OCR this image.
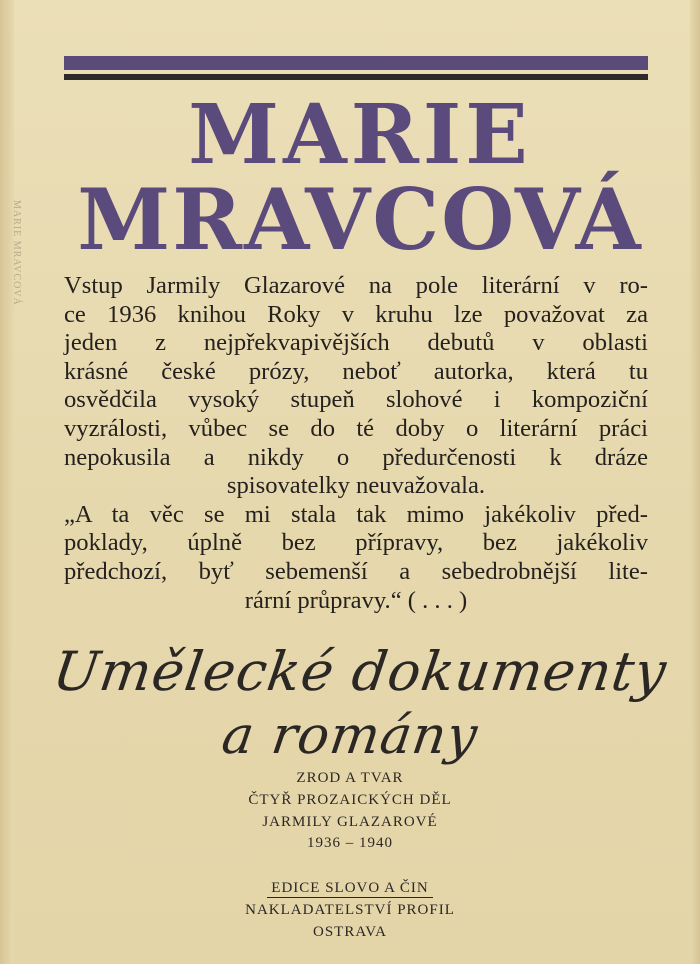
MARIE MRAVCOVÁ
MARIE
MRAVCOVÁ
Vstup Jarmily Glazarové na pole literární v ro-
ce 1936 knihou Roky v kruhu lze považovat za
jeden z nejpřekvapivějších debutů v oblasti
krásné české prózy, neboť autorka, která tu
osvědčila vysoký stupeň slohové i kompoziční
vyzrálosti, vůbec se do té doby o literární práci
nepokusila a nikdy o předurčenosti k dráze
spisovatelky neuvažovala.
„A ta věc se mi stala tak mimo jakékoliv před-
poklady, úplně bez přípravy, bez jakékoliv
předchozí, byť sebemenší a sebedrobnější lite-
rární průpravy.“ ( . . . )
Umělecké dokumenty
a romány
ZROD A TVAR
ČTYŘ PROZAICKÝCH DĚL
JARMILY GLAZAROVÉ
1936 – 1940
EDICE SLOVO A ČIN
NAKLADATELSTVÍ PROFIL
OSTRAVA
